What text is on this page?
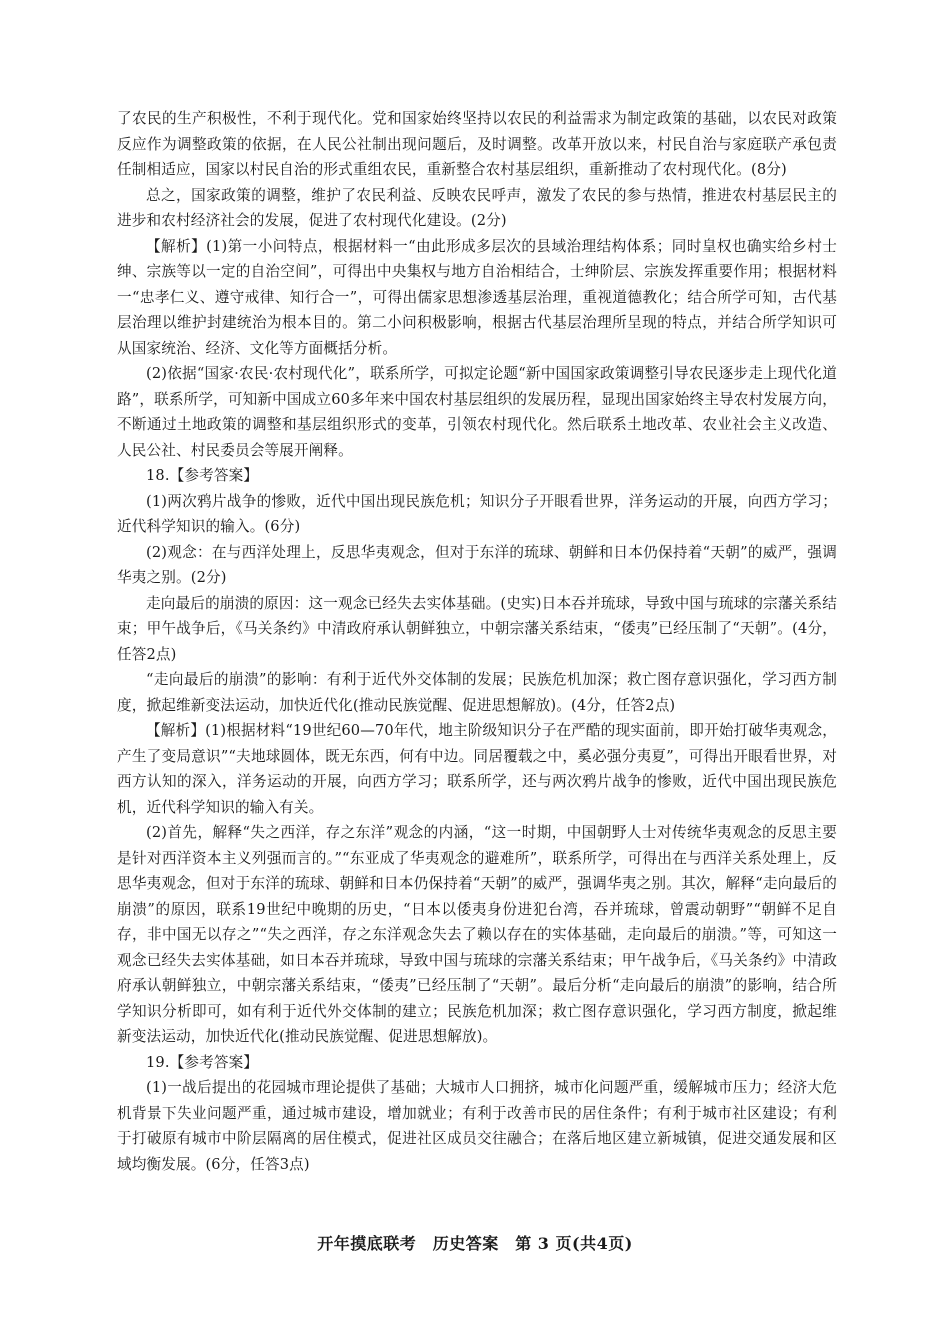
了农民的生产积极性，不利于现代化。党和国家始终坚持以农民的利益需求为制定政策的基础，以农民对政策反应作为调整政策的依据，在人民公社制出现问题后，及时调整。改革开放以来，村民自治与家庭联产承包责任制相适应，国家以村民自治的形式重组农民，重新整合农村基层组织，重新推动了农村现代化。(8分)

总之，国家政策的调整，维护了农民利益、反映农民呼声，激发了农民的参与热情，推进农村基层民主的进步和农村经济社会的发展，促进了农村现代化建设。(2分)

【解析】(1)第一小问特点，根据材料一“由此形成多层次的县域治理结构体系；同时皇权也确实给乡村士绅、宗族等以一定的自治空间”，可得出中央集权与地方自治相结合，士绅阶层、宗族发挥重要作用；根据材料一“忠孝仁义、遵守戒律、知行合一”，可得出儒家思想渗透基层治理，重视道德教化；结合所学可知，古代基层治理以维护封建统治为根本目的。第二小问积极影响，根据古代基层治理所呈现的特点，并结合所学知识可从国家统治、经济、文化等方面概括分析。

(2)依据“国家·农民·农村现代化”，联系所学，可拟定论题“新中国国家政策调整引导农民逐步走上现代化道路”，联系所学，可知新中国成立60多年来中国农村基层组织的发展历程，显现出国家始终主导农村发展方向，不断通过土地政策的调整和基层组织形式的变革，引领农村现代化。然后联系土地改革、农业社会主义改造、人民公社、村民委员会等展开阐释。

18.【参考答案】

(1)两次鸦片战争的惨败，近代中国出现民族危机；知识分子开眼看世界，洋务运动的开展，向西方学习；近代科学知识的输入。(6分)

(2)观念：在与西洋处理上，反思华夷观念，但对于东洋的琉球、朝鲜和日本仍保持着“天朝”的威严，强调华夷之别。(2分)

走向最后的崩溃的原因：这一观念已经失去实体基础。(史实)日本吞并琉球，导致中国与琉球的宗藩关系结束；甲午战争后，《马关条约》中清政府承认朝鲜独立，中朝宗藩关系结束，“倭夷”已经压制了“天朝”。(4分，任答2点)

“走向最后的崩溃”的影响：有利于近代外交体制的发展；民族危机加深；救亡图存意识强化，学习西方制度，掀起维新变法运动，加快近代化(推动民族觉醒、促进思想解放)。(4分，任答2点)

【解析】(1)根据材料“19世纪60—70年代，地主阶级知识分子在严酷的现实面前，即开始打破华夷观念，产生了变局意识”“夫地球圆体，既无东西，何有中边。同居覆载之中，奚必强分夷夏”，可得出开眼看世界，对西方认知的深入，洋务运动的开展，向西方学习；联系所学，还与两次鸦片战争的惨败，近代中国出现民族危机，近代科学知识的输入有关。

(2)首先，解释“失之西洋，存之东洋”观念的内涵，“这一时期，中国朝野人士对传统华夷观念的反思主要是针对西洋资本主义列强而言的。”“东亚成了华夷观念的避难所”，联系所学，可得出在与西洋关系处理上，反思华夷观念，但对于东洋的琉球、朝鲜和日本仍保持着“天朝”的威严，强调华夷之别。其次，解释“走向最后的崩溃”的原因，联系19世纪中晚期的历史，“日本以倭夷身份进犯台湾，吞并琉球，曾震动朝野”“朝鲜不足自存，非中国无以存之”“失之西洋，存之东洋观念失去了赖以存在的实体基础，走向最后的崩溃。”等，可知这一观念已经失去实体基础，如日本吞并琉球，导致中国与琉球的宗藩关系结束；甲午战争后，《马关条约》中清政府承认朝鲜独立，中朝宗藩关系结束，“倭夷”已经压制了“天朝”。最后分析“走向最后的崩溃”的影响，结合所学知识分析即可，如有利于近代外交体制的建立；民族危机加深；救亡图存意识强化，学习西方制度，掀起维新变法运动，加快近代化(推动民族觉醒、促进思想解放)。

19.【参考答案】

(1)一战后提出的花园城市理论提供了基础；大城市人口拥挤，城市化问题严重，缓解城市压力；经济大危机背景下失业问题严重，通过城市建设，增加就业；有利于改善市民的居住条件；有利于城市社区建设；有利于打破原有城市中阶层隔离的居住模式，促进社区成员交往融合；在落后地区建立新城镇，促进交通发展和区域均衡发展。(6分，任答3点)

开年摸底联考　历史答案　第 3 页(共4页)
